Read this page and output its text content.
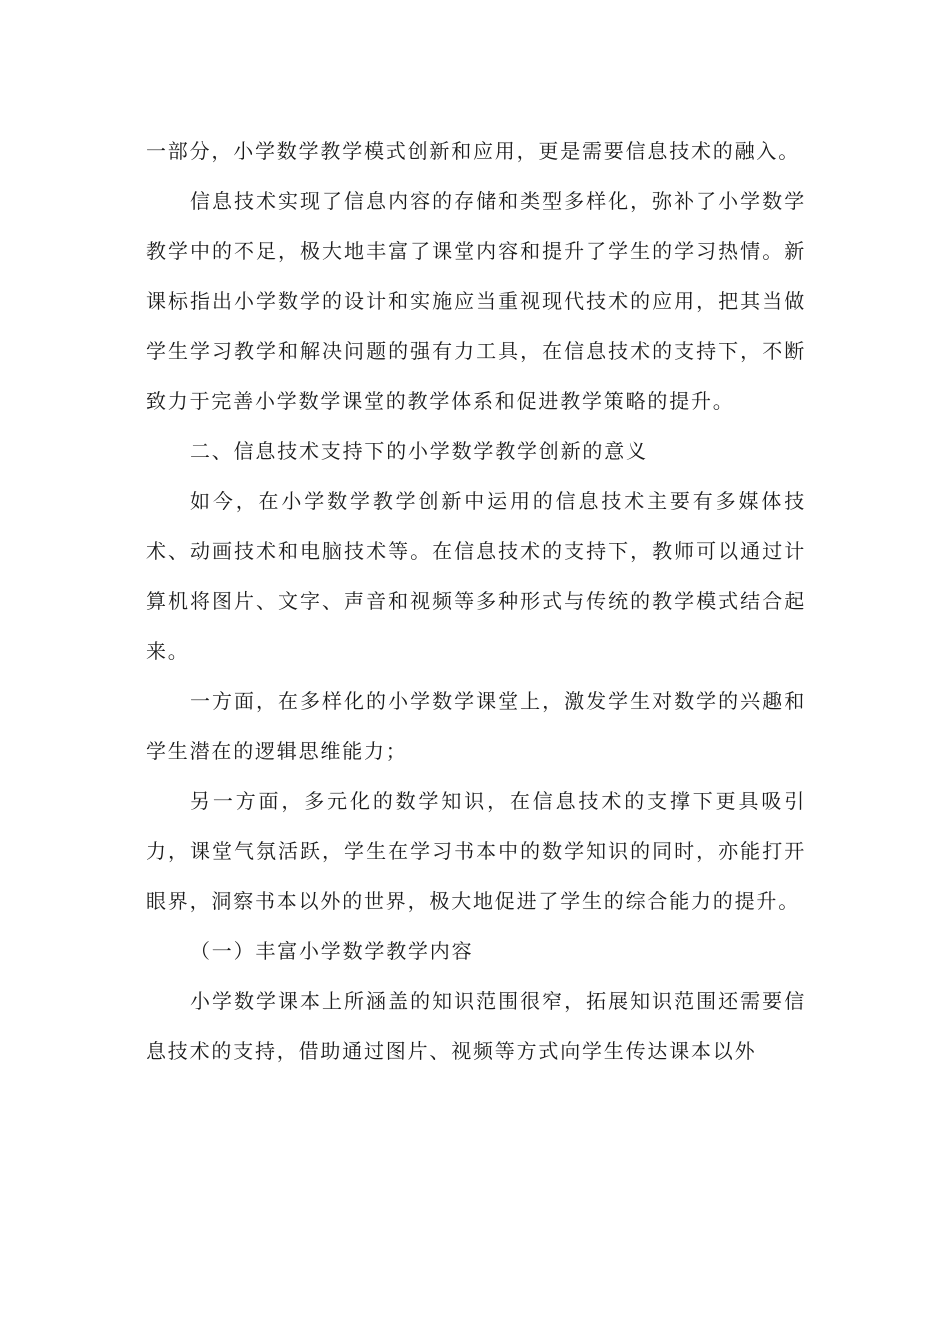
一部分，小学数学教学模式创新和应用，更是需要信息技术的融入。

信息技术实现了信息内容的存储和类型多样化，弥补了小学数学教学中的不足，极大地丰富了课堂内容和提升了学生的学习热情。新课标指出小学数学的设计和实施应当重视现代技术的应用，把其当做学生学习教学和解决问题的强有力工具，在信息技术的支持下，不断致力于完善小学数学课堂的教学体系和促进教学策略的提升。

二、信息技术支持下的小学数学教学创新的意义

如今，在小学数学教学创新中运用的信息技术主要有多媒体技术、动画技术和电脑技术等。在信息技术的支持下，教师可以通过计算机将图片、文字、声音和视频等多种形式与传统的教学模式结合起来。

一方面，在多样化的小学数学课堂上，激发学生对数学的兴趣和学生潜在的逻辑思维能力；

另一方面，多元化的数学知识，在信息技术的支撑下更具吸引力，课堂气氛活跃，学生在学习书本中的数学知识的同时，亦能打开眼界，洞察书本以外的世界，极大地促进了学生的综合能力的提升。

（一）丰富小学数学教学内容

小学数学课本上所涵盖的知识范围很窄，拓展知识范围还需要信息技术的支持，借助通过图片、视频等方式向学生传达课本以外
